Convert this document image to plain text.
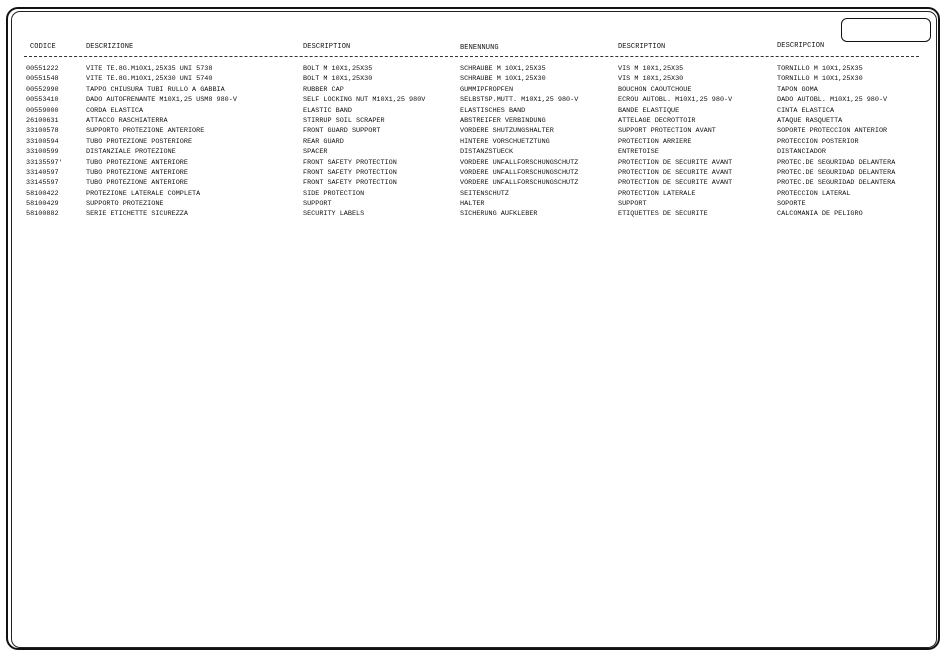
CODICE	DESCRIZIONE	DESCRIPTION	BENENNUNG	DESCRIPTION	DESCRIPCION
00551222	VITE TE.8G.M10X1,25X35 UNI 5738	BOLT M 10X1,25X35	SCHRAUBE M 10X1,25X35	VIS M 10X1,25X35	TORNILLO M 10X1,25X35
00551548	VITE TE.8G.M10X1,25X30 UNI 5740	BOLT M 10X1,25X30	SCHRAUBE M 10X1,25X30	VIS M 10X1,25X30	TORNILLO M 10X1,25X30
00552990	TAPPO CHIUSURA TUBI RULLO A GABBIA	RUBBER CAP	GUMMIPFROPFEN	BOUCHON CAOUTCHOUE	TAPON GOMA
00553410	DADO AUTOFRENANTE M10X1,25 USM8 980-V	SELF LOCKING NUT M10X1,25 980V	SELBSTSP.MUTT. M10X1,25 980-V	ECROU AUTOBL. M10X1,25 980-V	DADO AUTOBL. M10X1,25 980-V
00559000	CORDA ELASTICA	ELASTIC BAND	ELASTISCHES BAND	BANDE ELASTIQUE	CINTA ELASTICA
26100631	ATTACCO RASCHIATERRA	STIRRUP SOIL SCRAPER	ABSTREIFER VERBINDUNG	ATTELAGE DECROTTOIR	ATAQUE RASQUETTA
33100578	SUPPORTO PROTEZIONE ANTERIORE	FRONT GUARD SUPPORT	VORDERE SHUTZUNGSHALTER	SUPPORT PROTECTION AVANT	SOPORTE PROTECCION ANTERIOR
33100594	TUBO PROTEZIONE POSTERIORE	REAR GUARD	HINTERE VORSCHUETZTUNG	PROTECTION ARRIERE	PROTECCION POSTERIOR
33100599	DISTANZIALE PROTEZIONE	SPACER	DISTANZSTUECK	ENTRETOISE	DISTANCIADOR
33135597'	TUBO PROTEZIONE ANTERIORE	FRONT SAFETY PROTECTION	VORDERE UNFALLFORSCHUNGSCHUTZ	PROTECTION DE SECURITE AVANT	PROTEC.DE SEGURIDAD DELANTERA
33140597	TUBO PROTEZIONE ANTERIORE	FRONT SAFETY PROTECTION	VORDERE UNFALLFORSCHUNGSCHUTZ	PROTECTION DE SECURITE AVANT	PROTEC.DE SEGURIDAD DELANTERA
33145597	TUBO PROTEZIONE ANTERIORE	FRONT SAFETY PROTECTION	VORDERE UNFALLFORSCHUNGSCHUTZ	PROTECTION DE SECURITE AVANT	PROTEC.DE SEGURIDAD DELANTERA
58100422	PROTEZIONE LATERALE COMPLETA	SIDE PROTECTION	SEITENSCHUTZ	PROTECTION LATERALE	PROTECCION LATERAL
58100429	SUPPORTO PROTEZIONE	SUPPORT	HALTER	SUPPORT	SOPORTE
58100882	SERIE ETICHETTE SICUREZZA	SECURITY LABELS	SICHERUNG AUFKLEBER	ETIQUETTES DE SECURITE	CALCOMANIA DE PELIGRO
